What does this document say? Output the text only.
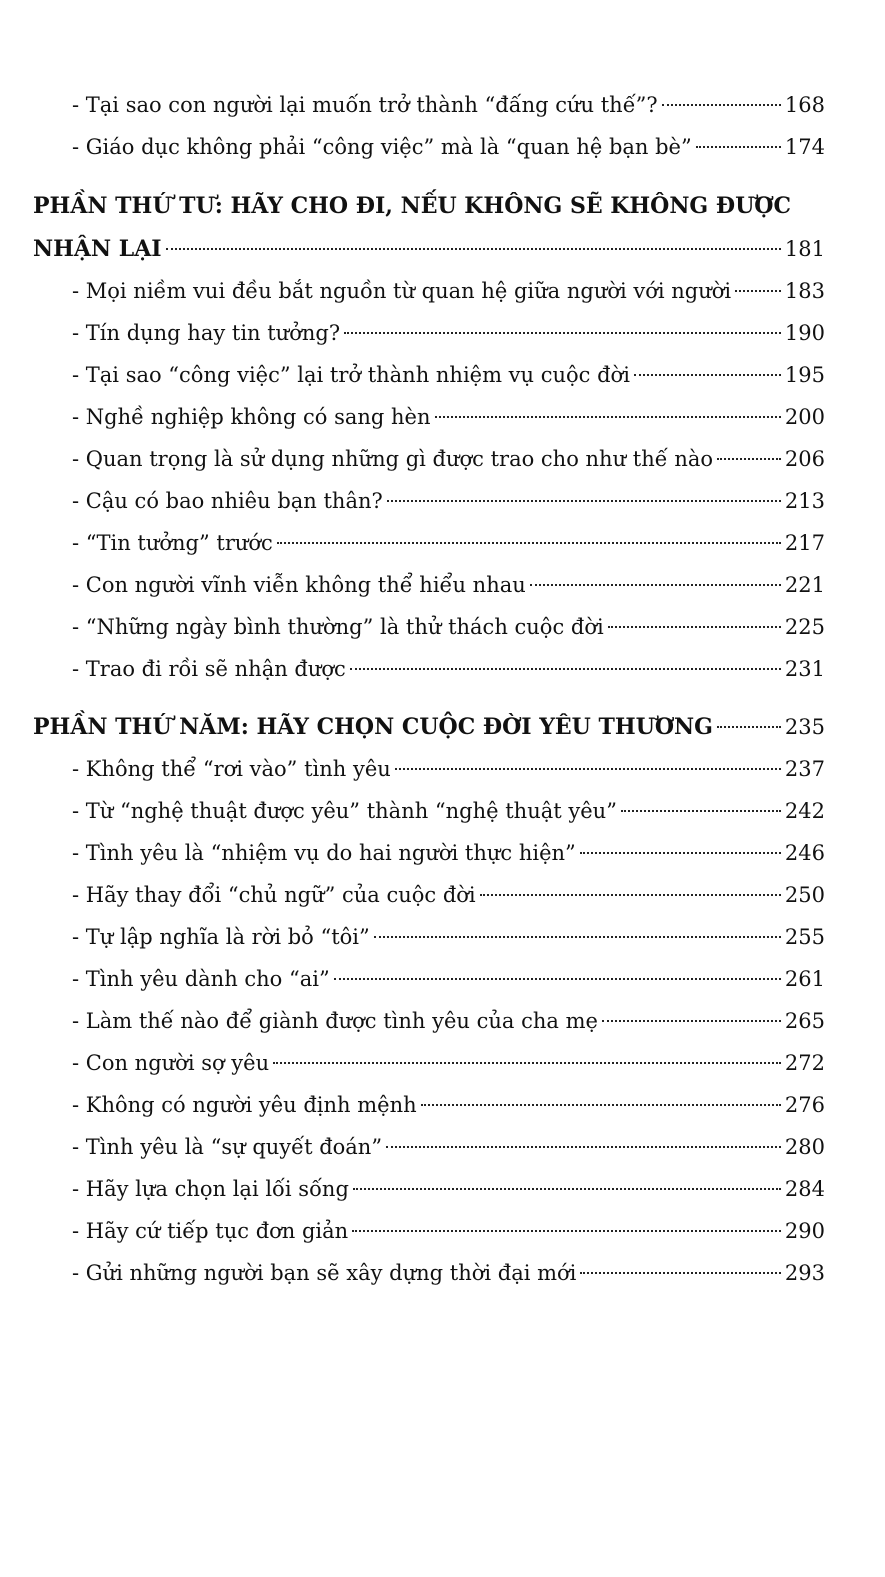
- Tại sao con người lại muốn trở thành “đấng cứu thế”?	168
- Giáo dục không phải “công việc” mà là “quan hệ bạn bè”	174
PHẦN THỨ TƯ: HÃY CHO ĐI, NẾU KHÔNG SẼ KHÔNG ĐƯỢC
NHẬN LẠI	181
- Mọi niềm vui đều bắt nguồn từ quan hệ giữa người với người	183
- Tín dụng hay tin tưởng?	190
- Tại sao “công việc” lại trở thành nhiệm vụ cuộc đời	195
- Nghề nghiệp không có sang hèn	200
- Quan trọng là sử dụng những gì được trao cho như thế nào	206
- Cậu có bao nhiêu bạn thân?	213
- “Tin tưởng” trước	217
- Con người vĩnh viễn không thể hiểu nhau	221
- “Những ngày bình thường” là thử thách cuộc đời	225
- Trao đi rồi sẽ nhận được	231
PHẦN THỨ NĂM: HÃY CHỌN CUỘC ĐỜI YÊU THƯƠNG	235
- Không thể “rơi vào” tình yêu	237
- Từ “nghệ thuật được yêu” thành “nghệ thuật yêu”	242
- Tình yêu là “nhiệm vụ do hai người thực hiện”	246
- Hãy thay đổi “chủ ngữ” của cuộc đời	250
- Tự lập nghĩa là rời bỏ “tôi”	255
- Tình yêu dành cho “ai”	261
- Làm thế nào để giành được tình yêu của cha mẹ	265
- Con người sợ yêu	272
- Không có người yêu định mệnh	276
- Tình yêu là “sự quyết đoán”	280
- Hãy lựa chọn lại lối sống	284
- Hãy cứ tiếp tục đơn giản	290
- Gửi những người bạn sẽ xây dựng thời đại mới	293
